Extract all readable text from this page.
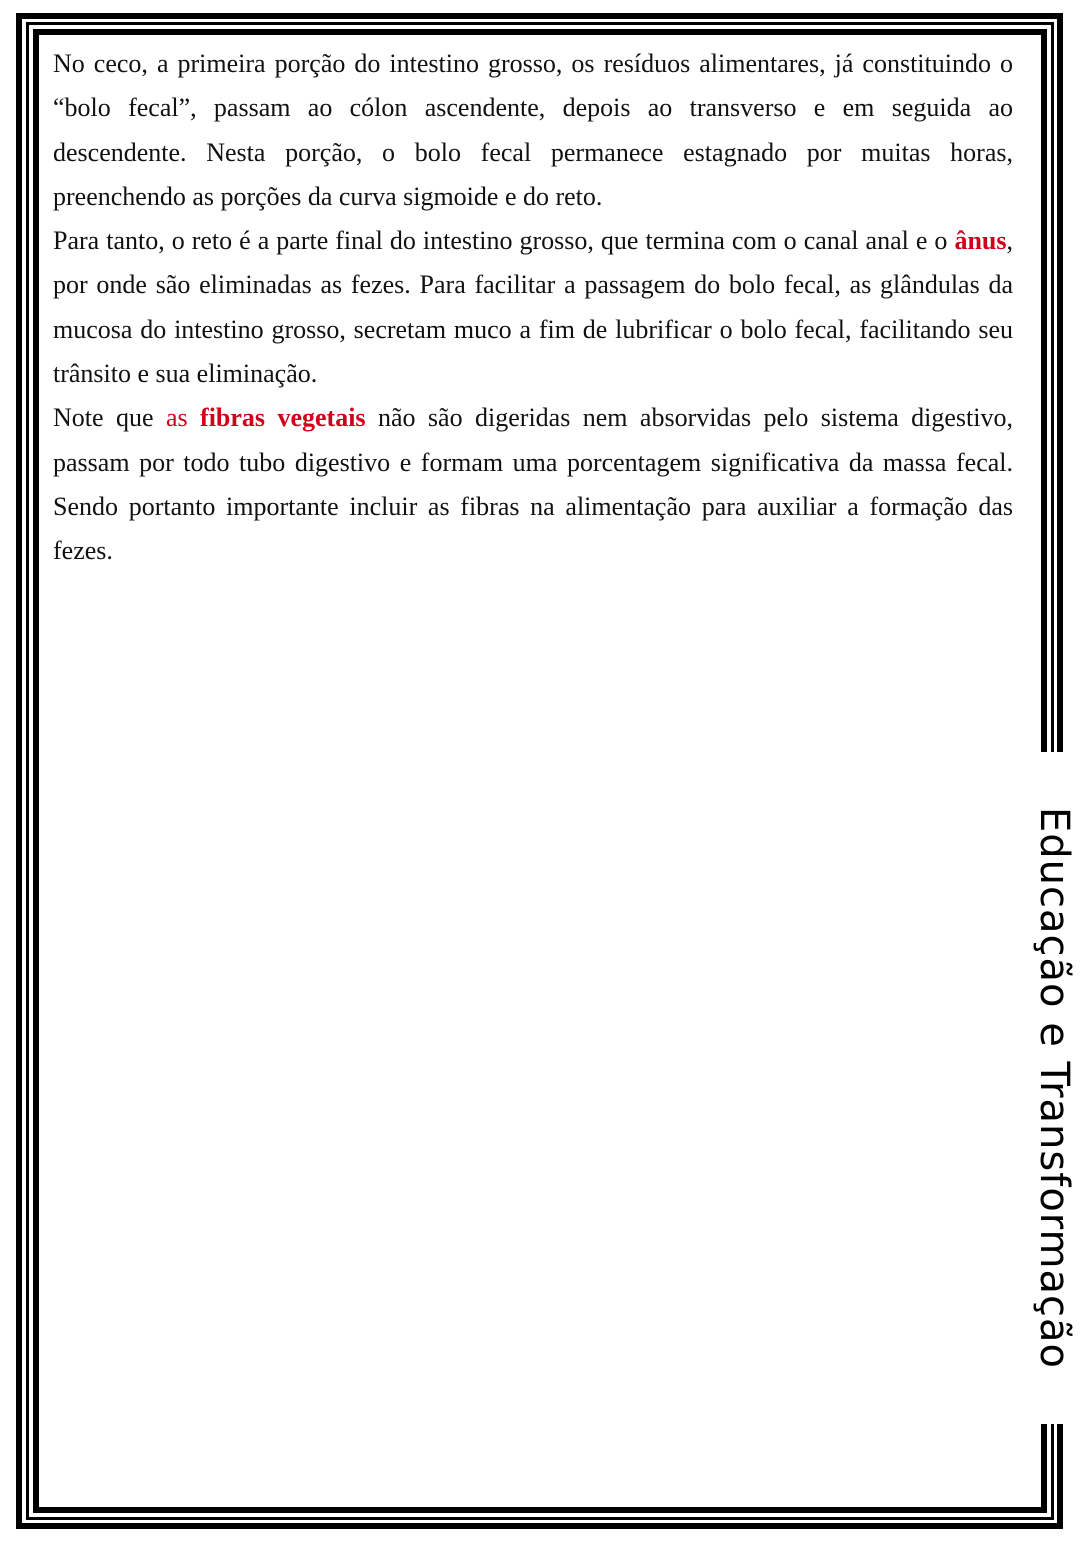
No ceco, a primeira porção do intestino grosso, os resíduos alimentares, já constituindo o “bolo fecal”, passam ao cólon ascendente, depois ao transverso e em seguida ao descendente. Nesta porção, o bolo fecal permanece estagnado por muitas horas, preenchendo as porções da curva sigmoide e do reto.

Para tanto, o reto é a parte final do intestino grosso, que termina com o canal anal e o ânus, por onde são eliminadas as fezes. Para facilitar a passagem do bolo fecal, as glândulas da mucosa do intestino grosso, secretam muco a fim de lubrificar o bolo fecal, facilitando seu trânsito e sua eliminação.

Note que as fibras vegetais não são digeridas nem absorvidas pelo sistema digestivo, passam por todo tubo digestivo e formam uma porcentagem significativa da massa fecal. Sendo portanto importante incluir as fibras na alimentação para auxiliar a formação das fezes.

Educação e Transformação
